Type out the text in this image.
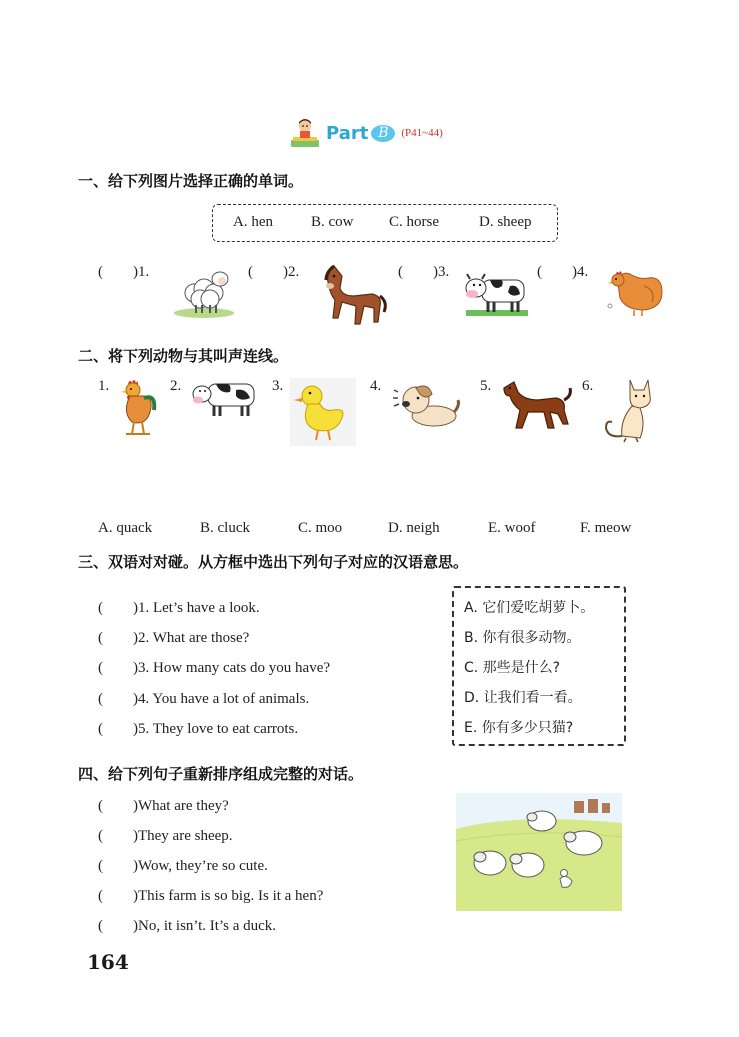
Part B	(P41~44)
一、给下列图片选择正确的单词。
A. hen	B. cow C. horse	D. sheep
(　　)1.	(　　)2.	(　　)3.	(　　)4.
二、将下列动物与其叫声连线。
1.	2.	3.	4.	5.	6.
A. quack	B. cluck	C. moo	D. neigh	E. woof	F. meow
三、双语对对碰。从方框中选出下列句子对应的汉语意思。
(　　)1. Let’s have a look.
(　　)2. What are those?
(　　)3. How many cats do you have?
(　　)4. You have a lot of animals.
(　　)5. They love to eat carrots.
A. 它们爱吃胡萝卜。
B. 你有很多动物。
C. 那些是什么?
D. 让我们看一看。
E. 你有多少只猫?
四、给下列句子重新排序组成完整的对话。
(　　)What are they?
(　　)They are sheep.
(　　)Wow, they’re so cute.
(　　)This farm is so big. Is it a hen?
(　　)No, it isn’t. It’s a duck.
164
